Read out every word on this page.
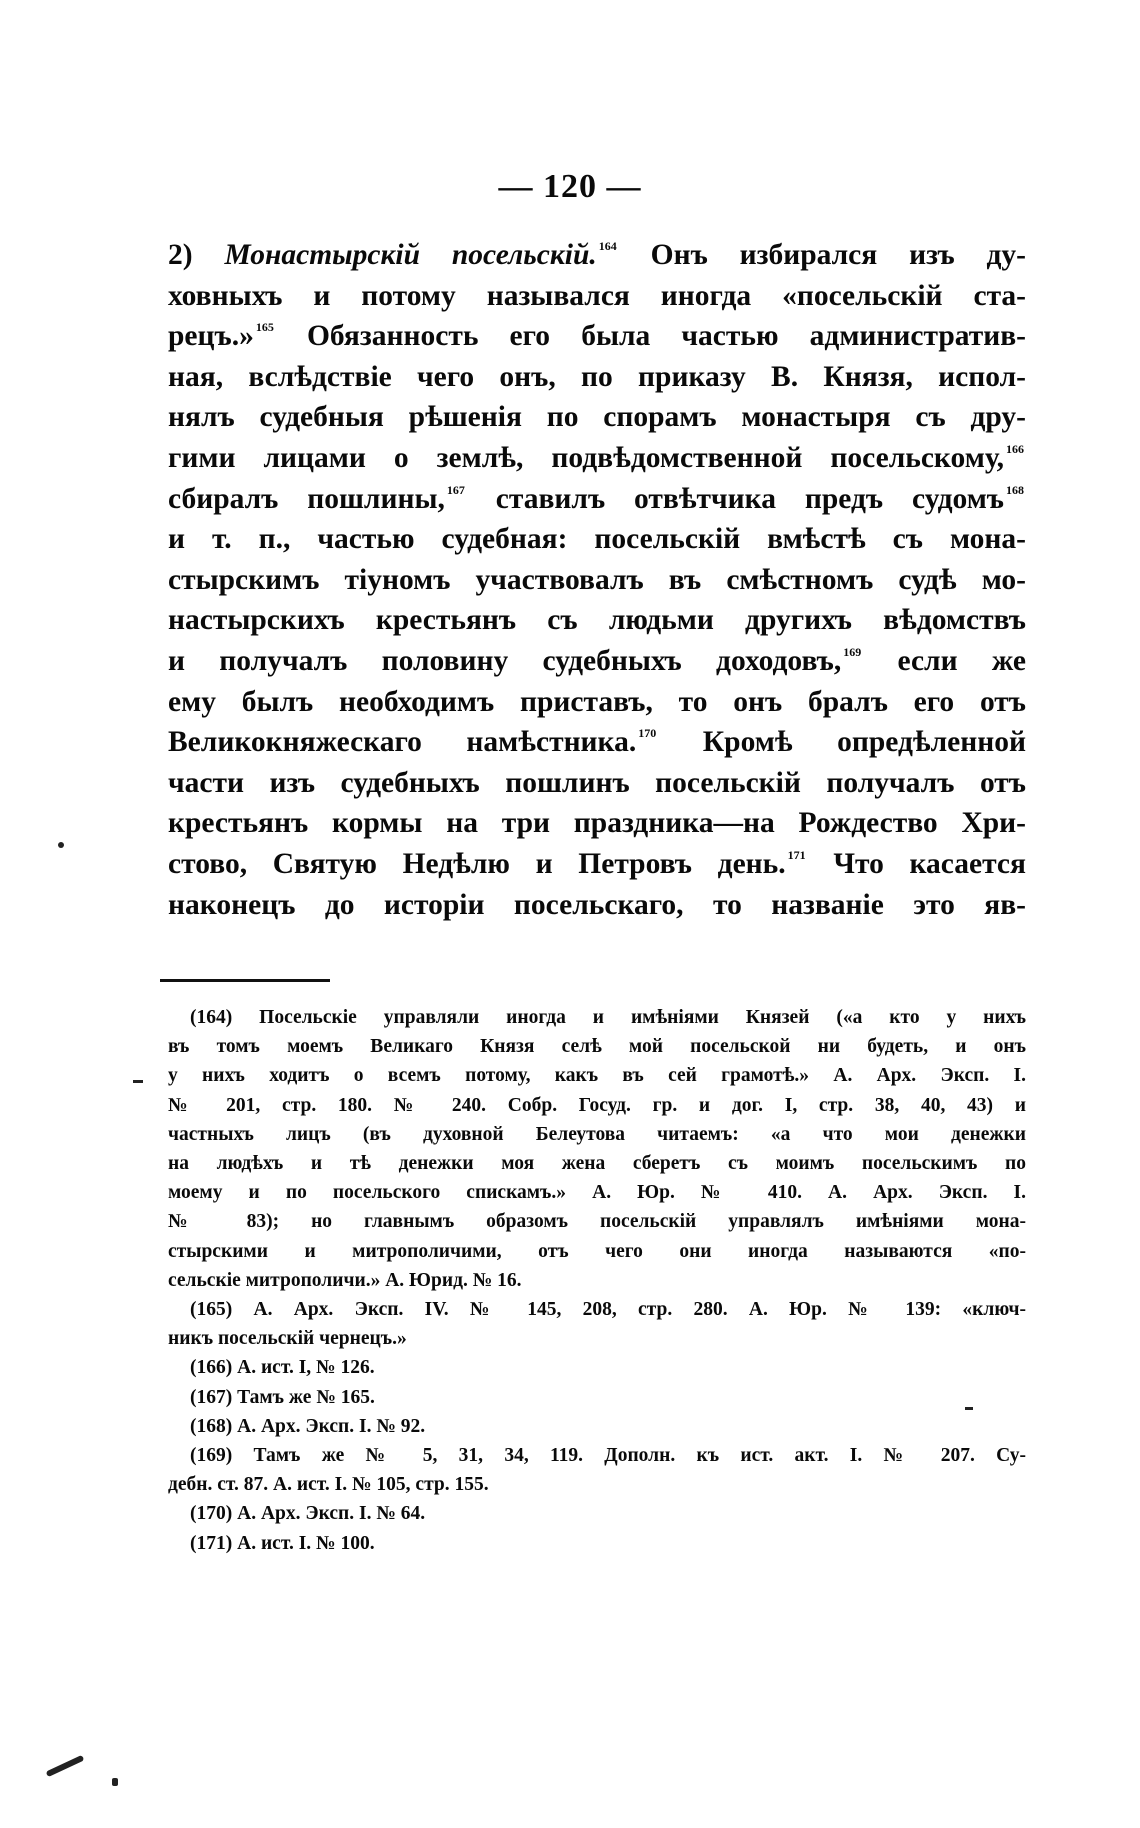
— 120 —
2) Монастырскій посельскій. $^{164}$ Онъ избирался изъ ду-
ховныхъ и потому назывался иногда «посельскій ста-
рецъ.» $^{165}$ Обязанность его была частью административ-
ная, вслѣдствіе чего онъ, по приказу В. Князя, испол-
нялъ судебныя рѣшенія по спорамъ монастыря съ дру-
гими лицами о землѣ, подвѣдомственной посельскому, $^{166}$
сбиралъ пошлины, $^{167}$ ставилъ отвѣтчика предъ судомъ $^{168}$
и т. п., частью судебная: посельскій вмѣстѣ съ мона-
стырскимъ тіуномъ участвовалъ въ смѣстномъ судѣ мо-
настырскихъ крестьянъ съ людьми другихъ вѣдомствъ
и получалъ половину судебныхъ доходовъ, $^{169}$ если же
ему былъ необходимъ приставъ, то онъ бралъ его отъ
Великокняжескаго намѣстника. $^{170}$ Кромѣ опредѣленной
части изъ судебныхъ пошлинъ посельскій получалъ отъ
крестьянъ кормы на три праздника—на Рождество Хри-
стово, Святую Недѣлю и Петровъ день. $^{171}$ Что касается
наконецъ до исторіи посельскаго, то названіе это яв-
(164) Посельскіе управляли иногда и имѣніями Князей («а кто у нихъ
въ томъ моемъ Великаго Князя селѣ мой посельской ни будеть, и онъ
у нихъ ходитъ о всемъ потому, какъ въ сей грамотѣ.» А. Арх. Эксп. I.
№ 201, стр. 180. № 240. Собр. Госуд. гр. и дог. I, стр. 38, 40, 43) и
частныхъ лицъ (въ духовной Белеутова читаемъ: «а что мои денежки
на людѣхъ и тѣ денежки моя жена сберетъ съ моимъ посельскимъ по
моему и по посельского спискамъ.» А. Юр. № 410. А. Арх. Эксп. I.
№ 83); но главнымъ образомъ посельскій управлялъ имѣніями мона-
стырскими и митрополичими, отъ чего они иногда называются «по-
сельскіе митрополичи.» А. Юрид. № 16.
(165) А. Арх. Эксп. IV. № 145, 208, стр. 280. А. Юр. № 139: «ключ-
никъ посельскій чернецъ.»
(166) А. ист. I, № 126.
(167) Тамъ же № 165.
(168) А. Арх. Эксп. I. № 92.
(169) Тамъ же № 5, 31, 34, 119. Дополн. къ ист. акт. I. № 207. Су-
дебн. ст. 87. А. ист. I. № 105, стр. 155.
(170) А. Арх. Эксп. I. № 64.
(171) А. ист. I. № 100.
